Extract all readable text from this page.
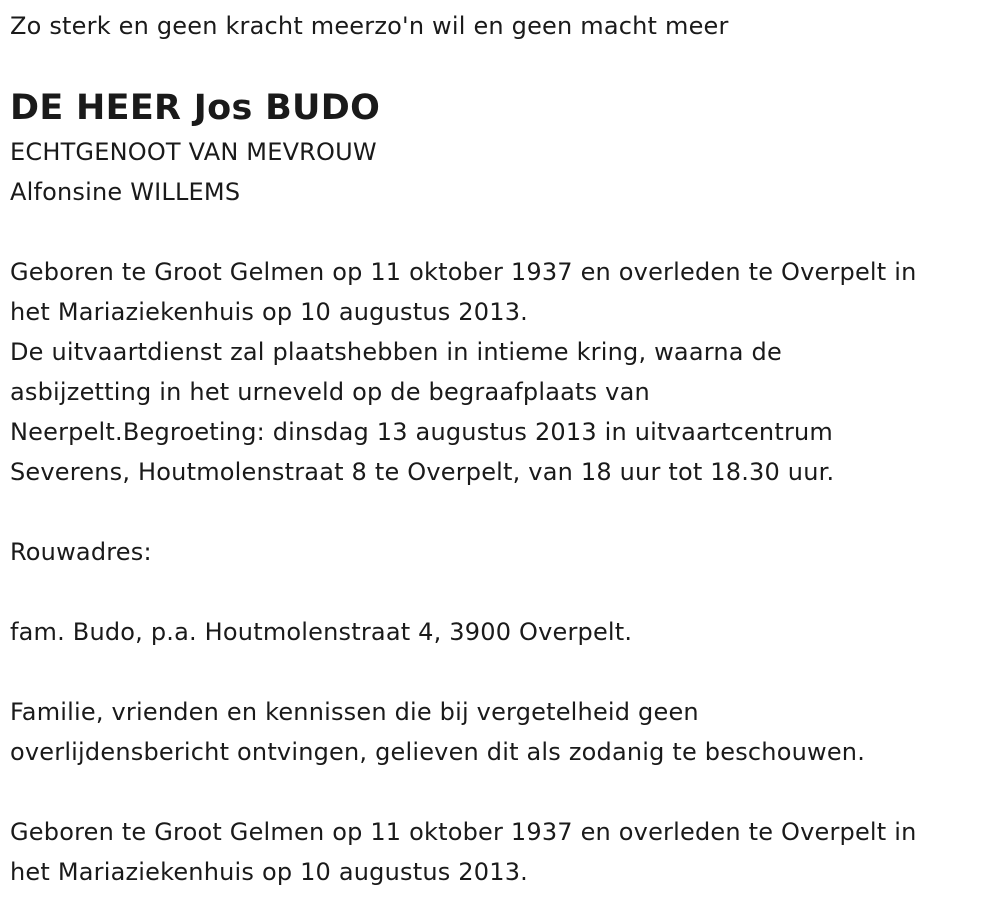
Zo sterk en geen kracht meerzo'n wil en geen macht meer
DE HEER Jos BUDO
ECHTGENOOT VAN MEVROUW
Alfonsine WILLEMS
Geboren te Groot Gelmen op 11 oktober 1937 en overleden te Overpelt in
het Mariaziekenhuis op 10 augustus 2013.
De uitvaartdienst zal plaatshebben in intieme kring, waarna de
asbijzetting in het urneveld op de begraafplaats van
Neerpelt.Begroeting: dinsdag 13 augustus 2013 in uitvaartcentrum
Severens, Houtmolenstraat 8 te Overpelt, van 18 uur tot 18.30 uur.
Rouwadres:
fam. Budo, p.a. Houtmolenstraat 4, 3900 Overpelt.
Familie, vrienden en kennissen die bij vergetelheid geen
overlijdensbericht ontvingen, gelieven dit als zodanig te beschouwen.
Geboren te Groot Gelmen op 11 oktober 1937 en overleden te Overpelt in
het Mariaziekenhuis op 10 augustus 2013.
